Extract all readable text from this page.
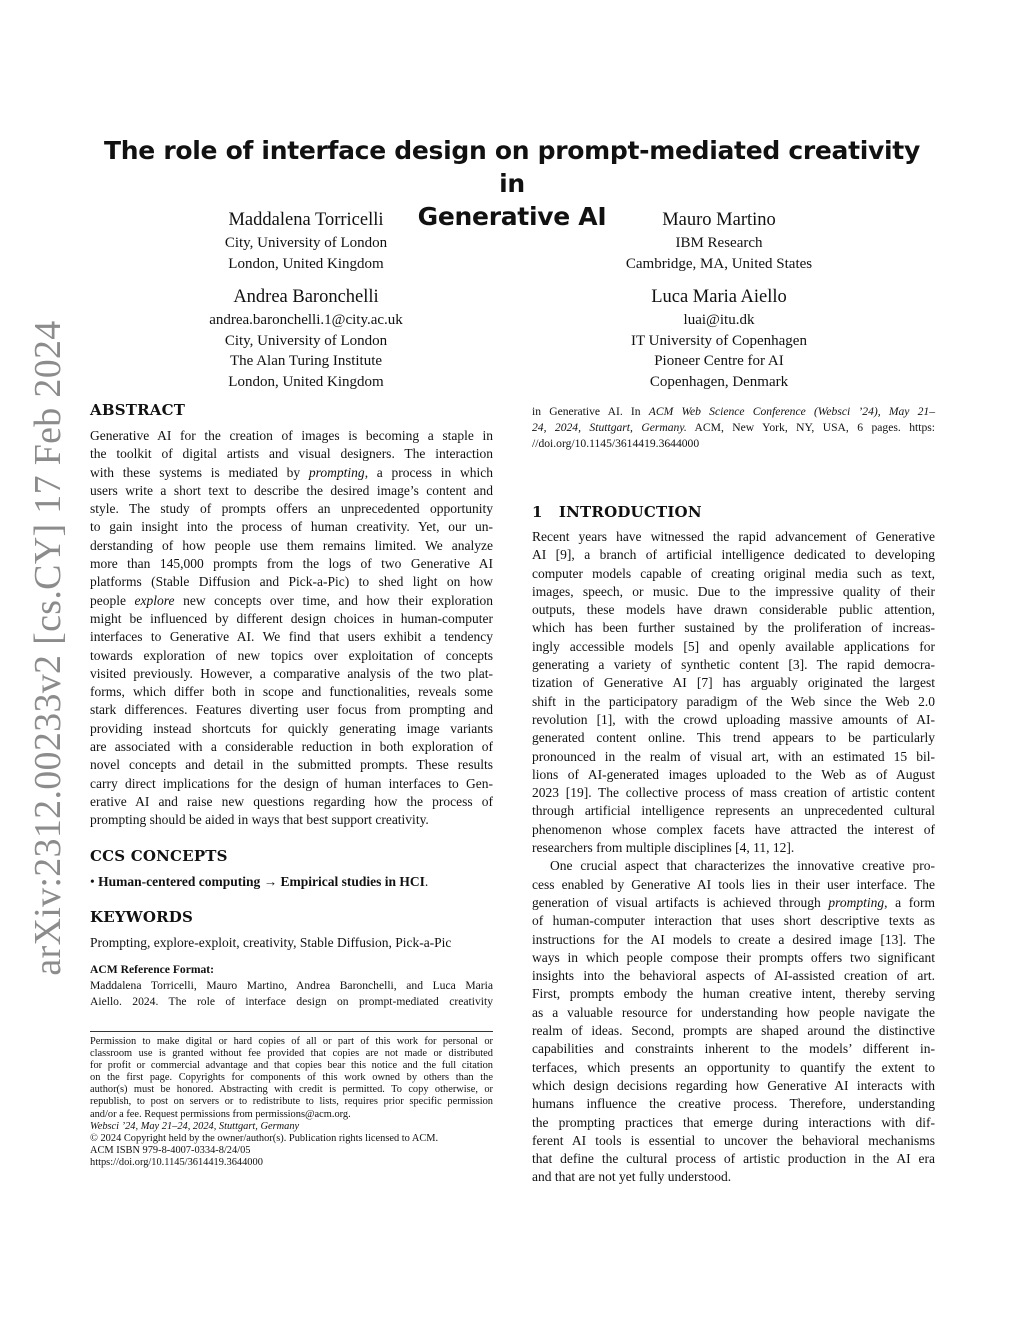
arXiv:2312.00233v2 [cs.CY] 17 Feb 2024
The role of interface design on prompt-mediated creativity in
Generative AI
Maddalena Torricelli
City, University of London
London, United Kingdom
Mauro Martino
IBM Research
Cambridge, MA, United States
Andrea Baronchelli
andrea.baronchelli.1@city.ac.uk
City, University of London
The Alan Turing Institute
London, United Kingdom
Luca Maria Aiello
luai@itu.dk
IT University of Copenhagen
Pioneer Centre for AI
Copenhagen, Denmark
ABSTRACT
Generative AI for the creation of images is becoming a staple in
the toolkit of digital artists and visual designers. The interaction
with these systems is mediated by prompting, a process in which
users write a short text to describe the desired image’s content and
style. The study of prompts offers an unprecedented opportunity
to gain insight into the process of human creativity. Yet, our un-
derstanding of how people use them remains limited. We analyze
more than 145,000 prompts from the logs of two Generative AI
platforms (Stable Diffusion and Pick-a-Pic) to shed light on how
people explore new concepts over time, and how their exploration
might be influenced by different design choices in human-computer
interfaces to Generative AI. We find that users exhibit a tendency
towards exploration of new topics over exploitation of concepts
visited previously. However, a comparative analysis of the two plat-
forms, which differ both in scope and functionalities, reveals some
stark differences. Features diverting user focus from prompting and
providing instead shortcuts for quickly generating image variants
are associated with a considerable reduction in both exploration of
novel concepts and detail in the submitted prompts. These results
carry direct implications for the design of human interfaces to Gen-
erative AI and raise new questions regarding how the process of
prompting should be aided in ways that best support creativity.
CCS CONCEPTS
• Human-centered computing → Empirical studies in HCI.
KEYWORDS
Prompting, explore-exploit, creativity, Stable Diffusion, Pick-a-Pic
ACM Reference Format:
Maddalena Torricelli, Mauro Martino, Andrea Baronchelli, and Luca Maria
Aiello. 2024. The role of interface design on prompt-mediated creativity
Permission to make digital or hard copies of all or part of this work for personal or
classroom use is granted without fee provided that copies are not made or distributed
for profit or commercial advantage and that copies bear this notice and the full citation
on the first page. Copyrights for components of this work owned by others than the
author(s) must be honored. Abstracting with credit is permitted. To copy otherwise, or
republish, to post on servers or to redistribute to lists, requires prior specific permission
and/or a fee. Request permissions from permissions@acm.org.
Websci ’24, May 21–24, 2024, Stuttgart, Germany
© 2024 Copyright held by the owner/author(s). Publication rights licensed to ACM.
ACM ISBN 979-8-4007-0334-8/24/05
https://doi.org/10.1145/3614419.3644000
in Generative AI. In ACM Web Science Conference (Websci ’24), May 21–
24, 2024, Stuttgart, Germany. ACM, New York, NY, USA, 6 pages. https:
//doi.org/10.1145/3614419.3644000
1 INTRODUCTION
Recent years have witnessed the rapid advancement of Generative
AI [9], a branch of artificial intelligence dedicated to developing
computer models capable of creating original media such as text,
images, speech, or music. Due to the impressive quality of their
outputs, these models have drawn considerable public attention,
which has been further sustained by the proliferation of increas-
ingly accessible models [5] and openly available applications for
generating a variety of synthetic content [3]. The rapid democra-
tization of Generative AI [7] has arguably originated the largest
shift in the participatory paradigm of the Web since the Web 2.0
revolution [1], with the crowd uploading massive amounts of AI-
generated content online. This trend appears to be particularly
pronounced in the realm of visual art, with an estimated 15 bil-
lions of AI-generated images uploaded to the Web as of August
2023 [19]. The collective process of mass creation of artistic content
through artificial intelligence represents an unprecedented cultural
phenomenon whose complex facets have attracted the interest of
researchers from multiple disciplines [4, 11, 12].
One crucial aspect that characterizes the innovative creative pro-
cess enabled by Generative AI tools lies in their user interface. The
generation of visual artifacts is achieved through prompting, a form
of human-computer interaction that uses short descriptive texts as
instructions for the AI models to create a desired image [13]. The
ways in which people compose their prompts offers two significant
insights into the behavioral aspects of AI-assisted creation of art.
First, prompts embody the human creative intent, thereby serving
as a valuable resource for understanding how people navigate the
realm of ideas. Second, prompts are shaped around the distinctive
capabilities and constraints inherent to the models’ different in-
terfaces, which presents an opportunity to quantify the extent to
which design decisions regarding how Generative AI interacts with
humans influence the creative process. Therefore, understanding
the prompting practices that emerge during interactions with dif-
ferent AI tools is essential to uncover the behavioral mechanisms
that define the cultural process of artistic production in the AI era
and that are not yet fully understood.
